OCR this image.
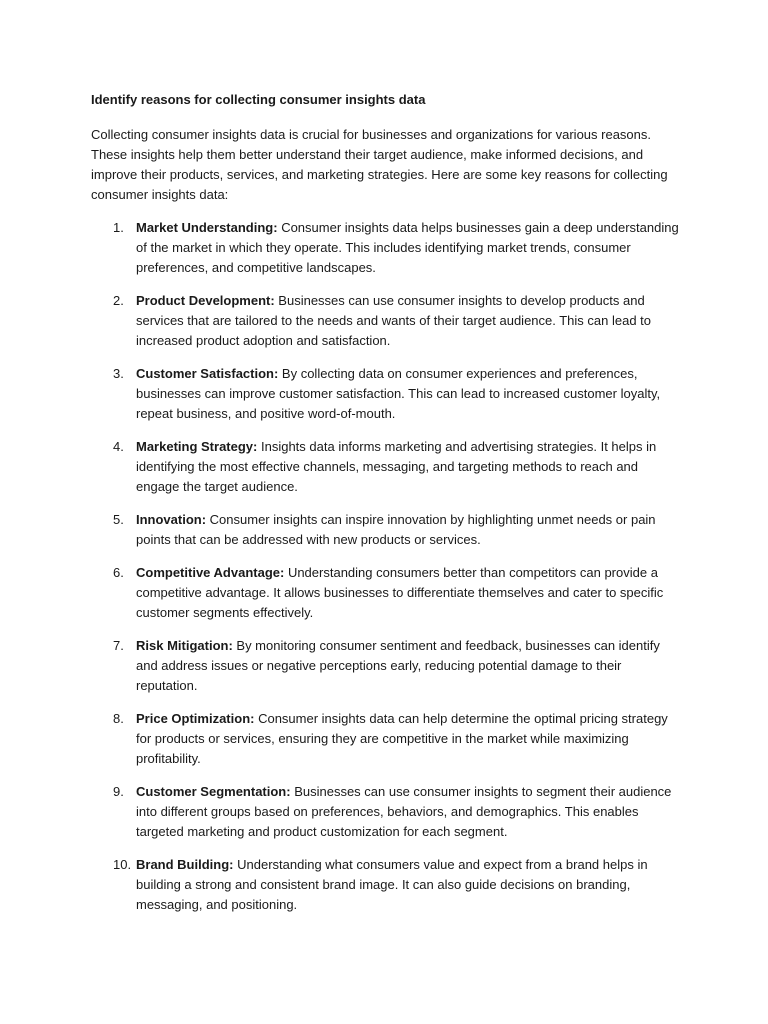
Identify reasons for collecting consumer insights data

Collecting consumer insights data is crucial for businesses and organizations for various reasons. These insights help them better understand their target audience, make informed decisions, and improve their products, services, and marketing strategies. Here are some key reasons for collecting consumer insights data:

1. Market Understanding: Consumer insights data helps businesses gain a deep understanding of the market in which they operate. This includes identifying market trends, consumer preferences, and competitive landscapes.
2. Product Development: Businesses can use consumer insights to develop products and services that are tailored to the needs and wants of their target audience. This can lead to increased product adoption and satisfaction.
3. Customer Satisfaction: By collecting data on consumer experiences and preferences, businesses can improve customer satisfaction. This can lead to increased customer loyalty, repeat business, and positive word-of-mouth.
4. Marketing Strategy: Insights data informs marketing and advertising strategies. It helps in identifying the most effective channels, messaging, and targeting methods to reach and engage the target audience.
5. Innovation: Consumer insights can inspire innovation by highlighting unmet needs or pain points that can be addressed with new products or services.
6. Competitive Advantage: Understanding consumers better than competitors can provide a competitive advantage. It allows businesses to differentiate themselves and cater to specific customer segments effectively.
7. Risk Mitigation: By monitoring consumer sentiment and feedback, businesses can identify and address issues or negative perceptions early, reducing potential damage to their reputation.
8. Price Optimization: Consumer insights data can help determine the optimal pricing strategy for products or services, ensuring they are competitive in the market while maximizing profitability.
9. Customer Segmentation: Businesses can use consumer insights to segment their audience into different groups based on preferences, behaviors, and demographics. This enables targeted marketing and product customization for each segment.
10. Brand Building: Understanding what consumers value and expect from a brand helps in building a strong and consistent brand image. It can also guide decisions on branding, messaging, and positioning.
